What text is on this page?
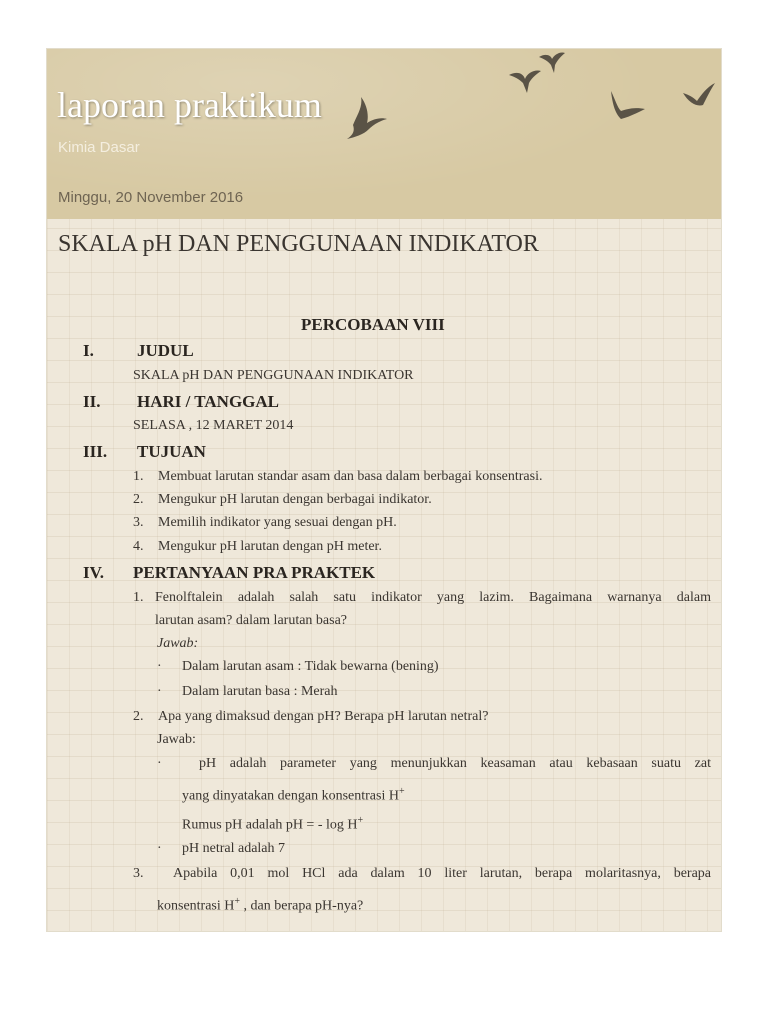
laporan praktikum
Kimia Dasar
Minggu, 20 November 2016
SKALA pH DAN PENGGUNAAN INDIKATOR
PERCOBAAN VIII
I.	JUDUL
SKALA pH DAN PENGGUNAAN INDIKATOR
II. HARI / TANGGAL
SELASA , 12 MARET 2014
III. TUJUAN
1. Membuat larutan standar asam dan basa dalam berbagai konsentrasi.
2. Mengukur pH larutan dengan berbagai indikator.
3. Memilih indikator yang sesuai dengan pH.
4. Mengukur pH larutan dengan pH meter.
IV. PERTANYAAN PRA PRAKTEK
1. Fenolftalein adalah salah satu indikator yang lazim. Bagaimana warnanya dalam
larutan asam? dalam larutan basa?
Jawab:
· Dalam larutan asam : Tidak bewarna (bening)
· Dalam larutan basa : Merah
2. Apa yang dimaksud dengan pH? Berapa pH larutan netral?
Jawab:
·	pH adalah parameter yang menunjukkan keasaman atau kebasaan suatu zat
yang dinyatakan dengan konsentrasi H+
Rumus pH adalah pH = - log H+
· pH netral adalah 7
3. Apabila 0,01 mol HCl ada dalam 10 liter larutan, berapa molaritasnya, berapa
konsentrasi H+ , dan berapa pH-nya?
